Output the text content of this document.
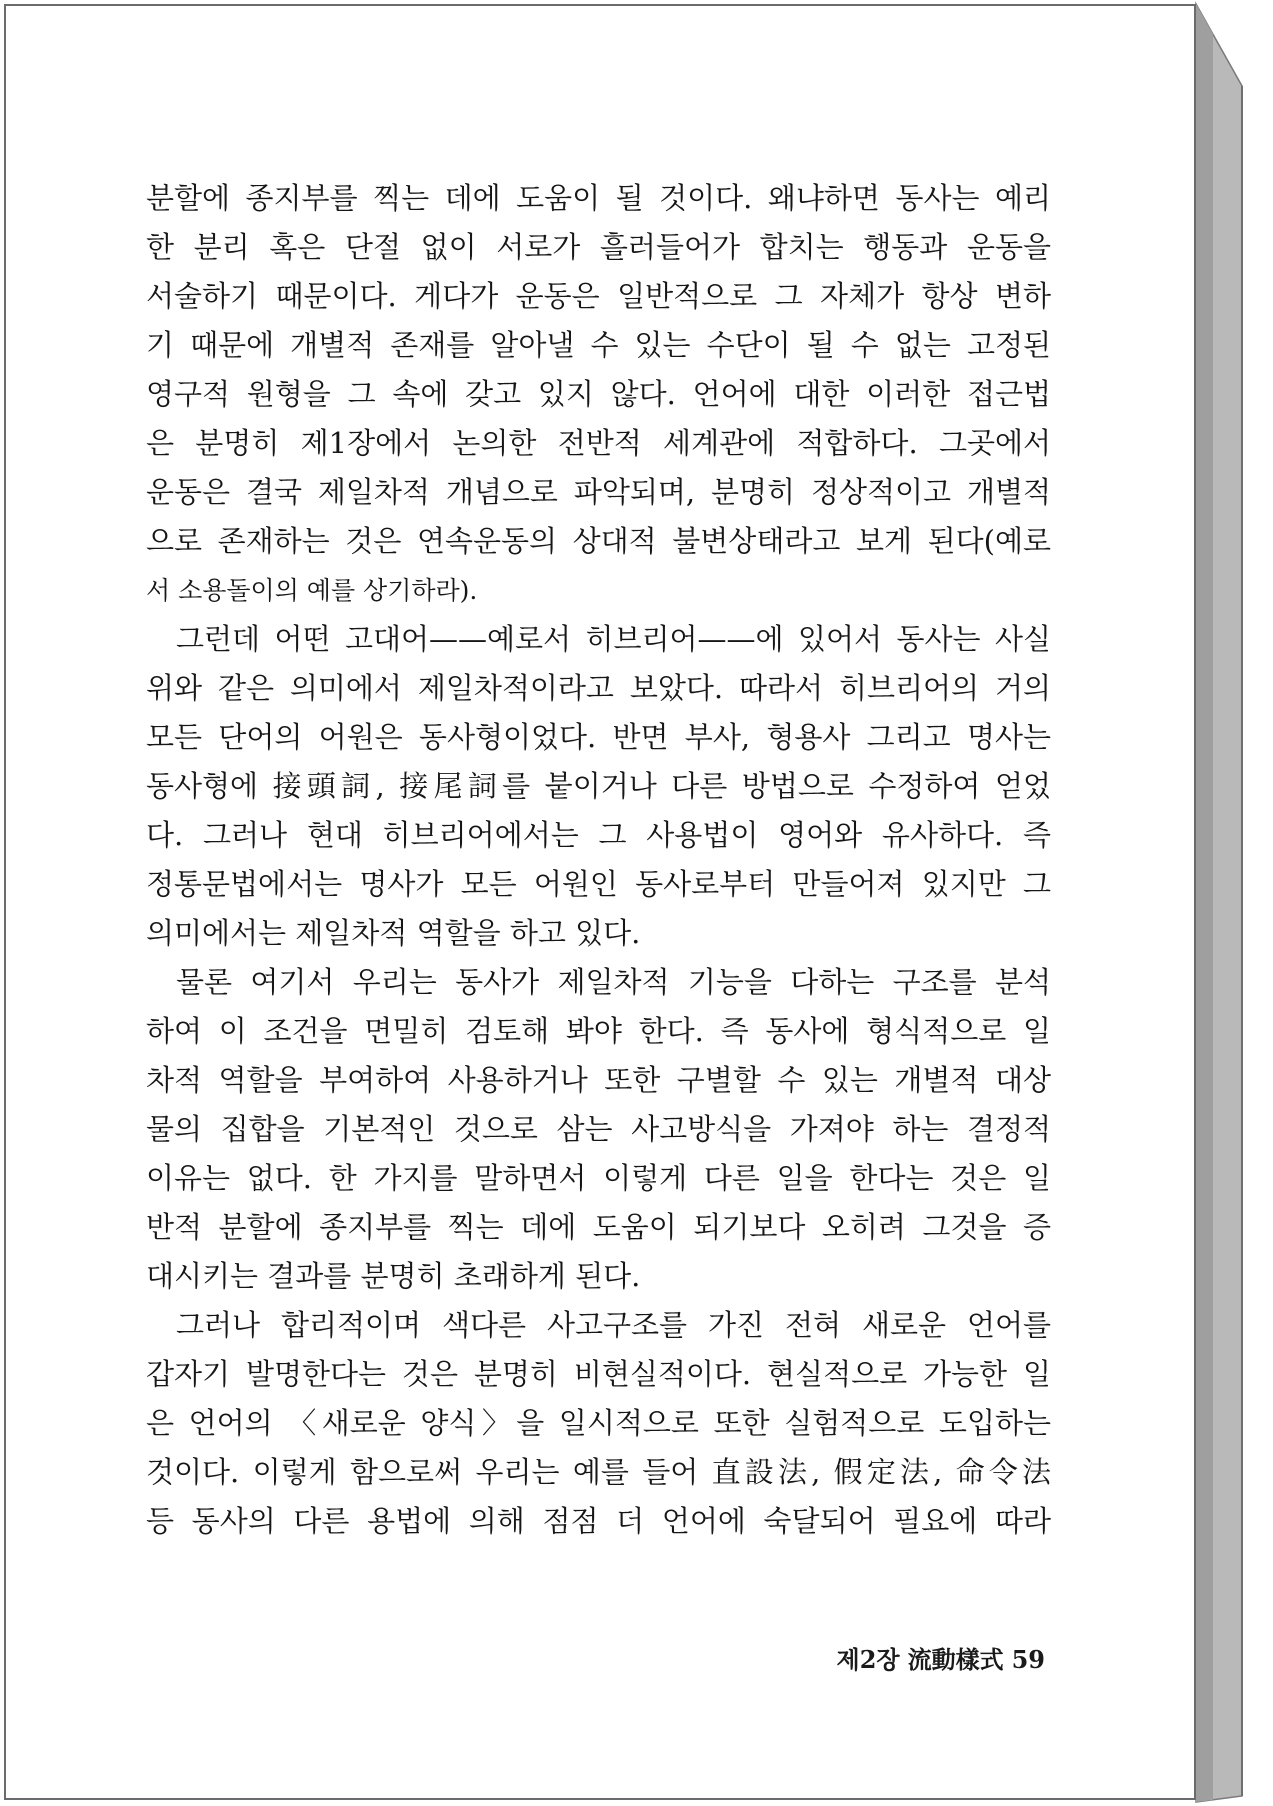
분할에 종지부를 찍는 데에 도움이 될 것이다. 왜냐하면 동사는 예리
한 분리 혹은 단절 없이 서로가 흘러들어가 합치는 행동과 운동을
서술하기 때문이다. 게다가 운동은 일반적으로 그 자체가 항상 변하
기 때문에 개별적 존재를 알아낼 수 있는 수단이 될 수 없는 고정된
영구적 원형을 그 속에 갖고 있지 않다. 언어에 대한 이러한 접근법
은 분명히 제1장에서 논의한 전반적 세계관에 적합하다. 그곳에서
운동은 결국 제일차적 개념으로 파악되며, 분명히 정상적이고 개별적
으로 존재하는 것은 연속운동의 상대적 불변상태라고 보게 된다(예로
서 소용돌이의 예를 상기하라).
그런데 어떤 고대어——예로서 히브리어——에 있어서 동사는 사실
위와 같은 의미에서 제일차적이라고 보았다. 따라서 히브리어의 거의
모든 단어의 어원은 동사형이었다. 반면 부사, 형용사 그리고 명사는
동사형에 接頭詞, 接尾詞를 붙이거나 다른 방법으로 수정하여 얻었
다. 그러나 현대 히브리어에서는 그 사용법이 영어와 유사하다. 즉
정통문법에서는 명사가 모든 어원인 동사로부터 만들어져 있지만 그
의미에서는 제일차적 역할을 하고 있다.
물론 여기서 우리는 동사가 제일차적 기능을 다하는 구조를 분석
하여 이 조건을 면밀히 검토해 봐야 한다. 즉 동사에 형식적으로 일
차적 역할을 부여하여 사용하거나 또한 구별할 수 있는 개별적 대상
물의 집합을 기본적인 것으로 삼는 사고방식을 가져야 하는 결정적
이유는 없다. 한 가지를 말하면서 이렇게 다른 일을 한다는 것은 일
반적 분할에 종지부를 찍는 데에 도움이 되기보다 오히려 그것을 증
대시키는 결과를 분명히 초래하게 된다.
그러나 합리적이며 색다른 사고구조를 가진 전혀 새로운 언어를
갑자기 발명한다는 것은 분명히 비현실적이다. 현실적으로 가능한 일
은 언어의 〈새로운 양식〉을 일시적으로 또한 실험적으로 도입하는
것이다. 이렇게 함으로써 우리는 예를 들어 直設法, 假定法, 命令法
등 동사의 다른 용법에 의해 점점 더 언어에 숙달되어 필요에 따라
제2장 流動樣式 59
